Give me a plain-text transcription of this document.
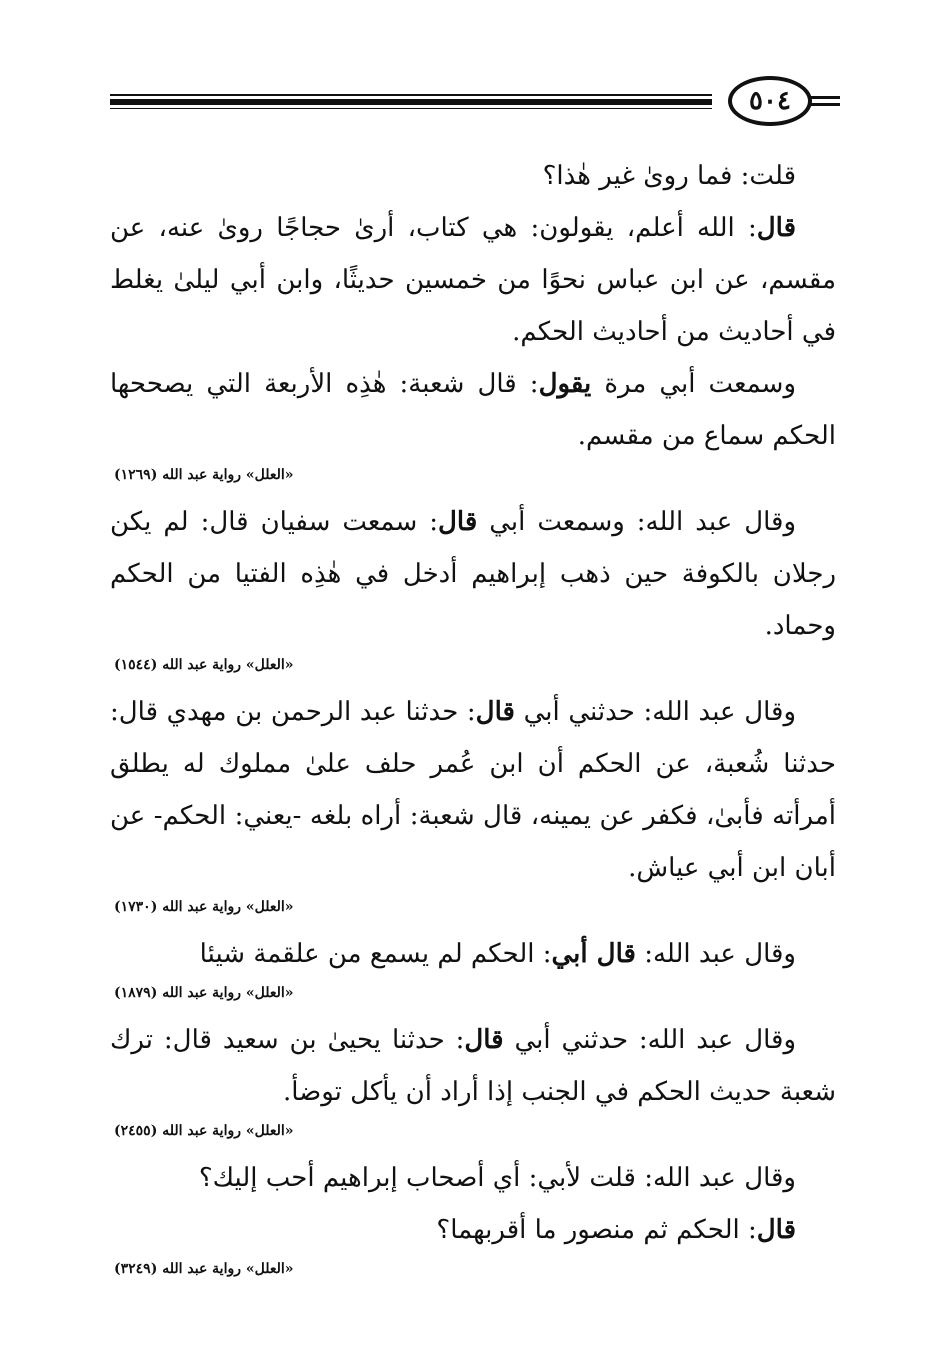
٥٠٤

قلت: فما روىٰ غير هٰذا؟

قال: الله أعلم، يقولون: هي كتاب، أرىٰ حجاجًا روىٰ عنه، عن مقسم، عن ابن عباس نحوًا من خمسين حديثًا، وابن أبي ليلىٰ يغلط في أحاديث من أحاديث الحكم.

وسمعت أبي مرة يقول: قال شعبة: هٰذِه الأربعة التي يصححها الحكم سماع من مقسم.

«العلل» رواية عبد الله (١٢٦٩)

وقال عبد الله: وسمعت أبي قال: سمعت سفيان قال: لم يكن رجلان بالكوفة حين ذهب إبراهيم أدخل في هٰذِه الفتيا من الحكم وحماد.

«العلل» رواية عبد الله (١٥٤٤)

وقال عبد الله: حدثني أبي قال: حدثنا عبد الرحمن بن مهدي قال: حدثنا شُعبة، عن الحكم أن ابن عُمر حلف علىٰ مملوك له يطلق أمرأته فأبىٰ، فكفر عن يمينه، قال شعبة: أراه بلغه -يعني: الحكم- عن أبان ابن أبي عياش.

«العلل» رواية عبد الله (١٧٣٠)

وقال عبد الله: قال أبي: الحكم لم يسمع من علقمة شيئا

«العلل» رواية عبد الله (١٨٧٩)

وقال عبد الله: حدثني أبي قال: حدثنا يحيىٰ بن سعيد قال: ترك شعبة حديث الحكم في الجنب إذا أراد أن يأكل توضأ.

«العلل» رواية عبد الله (٢٤٥٥)

وقال عبد الله: قلت لأبي: أي أصحاب إبراهيم أحب إليك؟

قال: الحكم ثم منصور ما أقربهما؟

«العلل» رواية عبد الله (٣٢٤٩)
